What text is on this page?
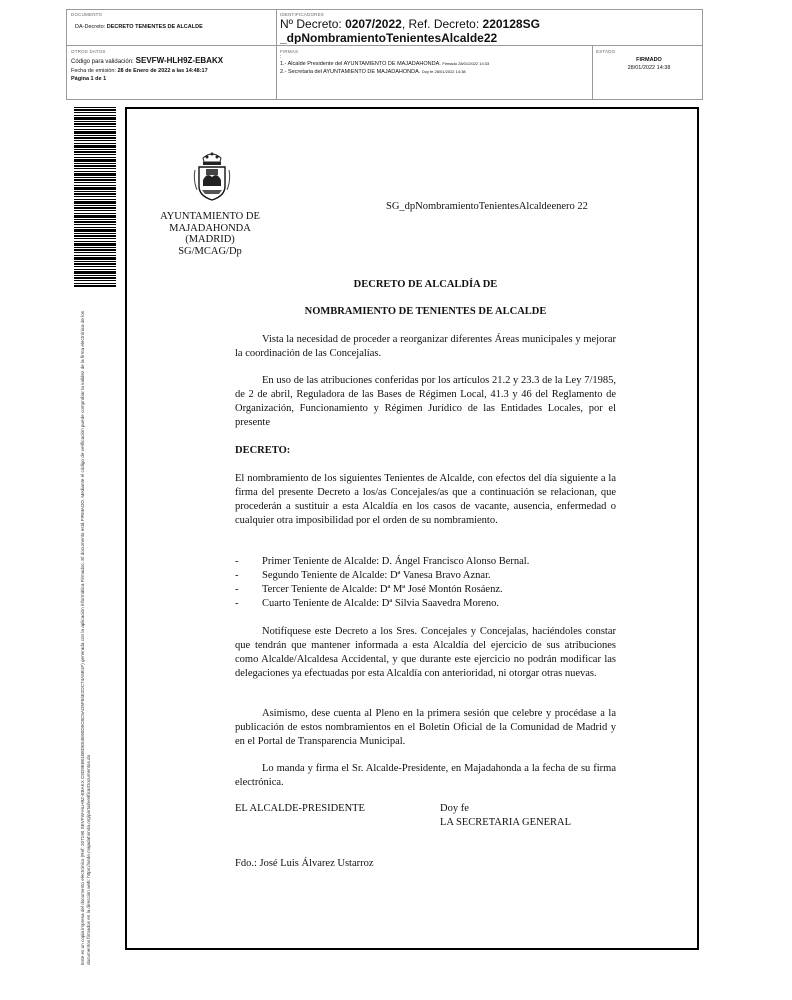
DOCUMENTO
DA-Decreto: DECRETO TENIENTES DE ALCALDE
IDENTIFICADORES
Nº Decreto: 0207/2022, Ref. Decreto: 220128SG
_dpNombramientoTenientesAlcalde22
OTROS DATOS
Código para validación: SEVFW-HLH9Z-EBAKX
Fecha de emisión: 28 de Enero de 2022 a las 14:48:17
Página 1 de 1
FIRMAS
:
1.- Alcalde Presidente del AYUNTAMIENTO DE MAJADAHONDA. Firmado 28/01/2022 14:33
2.- Secretaria del AYUNTAMIENTO DE MAJADAHONDA. Doy fe 28/01/2022 14:38
ESTADO
FIRMADO
28/01/2022 14:38
Este es un copia impresa del documento electrónico (Ref: 207190 SEVFW-HLH9Z-EBAKX C5D9EB01B8DE54E60D5C8C5AD5F84E2DC74A5B1F) generada con la aplicación informática Firmadoc. El documento está FIRMADO. Mediante el código de verificación puede comprobar la validez de la firma electrónica de los documentos firmados en la dirección web: https://sede.majadahonda.org/portal/verificarDocumentos.do
AYUNTAMIENTO DE
MAJADAHONDA
(MADRID)
SG/MCAG/Dp
SG_dpNombramientoTenientesAlcaldeenero 22
DECRETO DE ALCALDÍA DE
NOMBRAMIENTO DE TENIENTES DE ALCALDE
Vista la necesidad de proceder a reorganizar diferentes Áreas municipales y mejorar la coordinación de las Concejalías.
En uso de las atribuciones conferidas por los artículos 21.2 y 23.3 de la Ley 7/1985, de 2 de abril, Reguladora de las Bases de Régimen Local, 41.3 y 46 del Reglamento de Organización, Funcionamiento y Régimen Jurídico de las Entidades Locales, por el presente
DECRETO:
El nombramiento de los siguientes Tenientes de Alcalde, con efectos del día siguiente a la firma del presente Decreto a los/as Concejales/as que a continuación se relacionan, que procederán a sustituir a esta Alcaldía en los casos de vacante, ausencia, enfermedad o cualquier otra imposibilidad por el orden de su nombramiento.
- Primer Teniente de Alcalde: D. Ángel Francisco Alonso Bernal.
- Segundo Teniente de Alcalde: Dª Vanesa Bravo Aznar.
- Tercer Teniente de Alcalde: Dª Mª José Montón Rosáenz.
- Cuarto Teniente de Alcalde: Dª Silvia Saavedra Moreno.
Notifíquese este Decreto a los Sres. Concejales y Concejalas, haciéndoles constar que tendrán que mantener informada a esta Alcaldía del ejercicio de sus atribuciones como Alcalde/Alcaldesa Accidental, y que durante este ejercicio no podrán modificar las delegaciones ya efectuadas por esta Alcaldía con anterioridad, ni otorgar otras nuevas.
Asimismo, dese cuenta al Pleno en la primera sesión que celebre y procédase a la publicación de estos nombramientos en el Boletín Oficial de la Comunidad de Madrid y en el Portal de Transparencia Municipal.
Lo manda y firma el Sr. Alcalde-Presidente, en Majadahonda a la fecha de su firma electrónica.
EL ALCALDE-PRESIDENTE	Doy fe
LA SECRETARIA GENERAL
Fdo.: José Luis Álvarez Ustarroz
